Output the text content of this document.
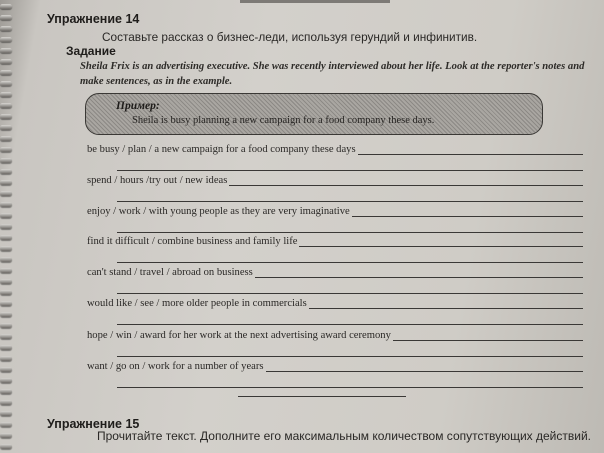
Упражнение 14
Составьте рассказ о бизнес-леди, используя герундий и инфинитив.
Задание
Sheila Frix is an advertising executive. She was recently interviewed about her life. Look at the reporter's notes and make sentences, as in the example.
Пример:
Sheila is busy planning a new campaign for a food company these days.
be busy / plan / a new campaign for a food company these days
spend / hours /try out / new ideas
enjoy / work / with young people as they are very imaginative
find it difficult / combine business and family life
can't stand / travel / abroad on business
would like / see / more older people in commercials
hope / win / award for her work at the next advertising award ceremony
want / go on / work for a number of years
Упражнение 15
Прочитайте текст. Дополните его максимальным количеством сопутствующих действий.
